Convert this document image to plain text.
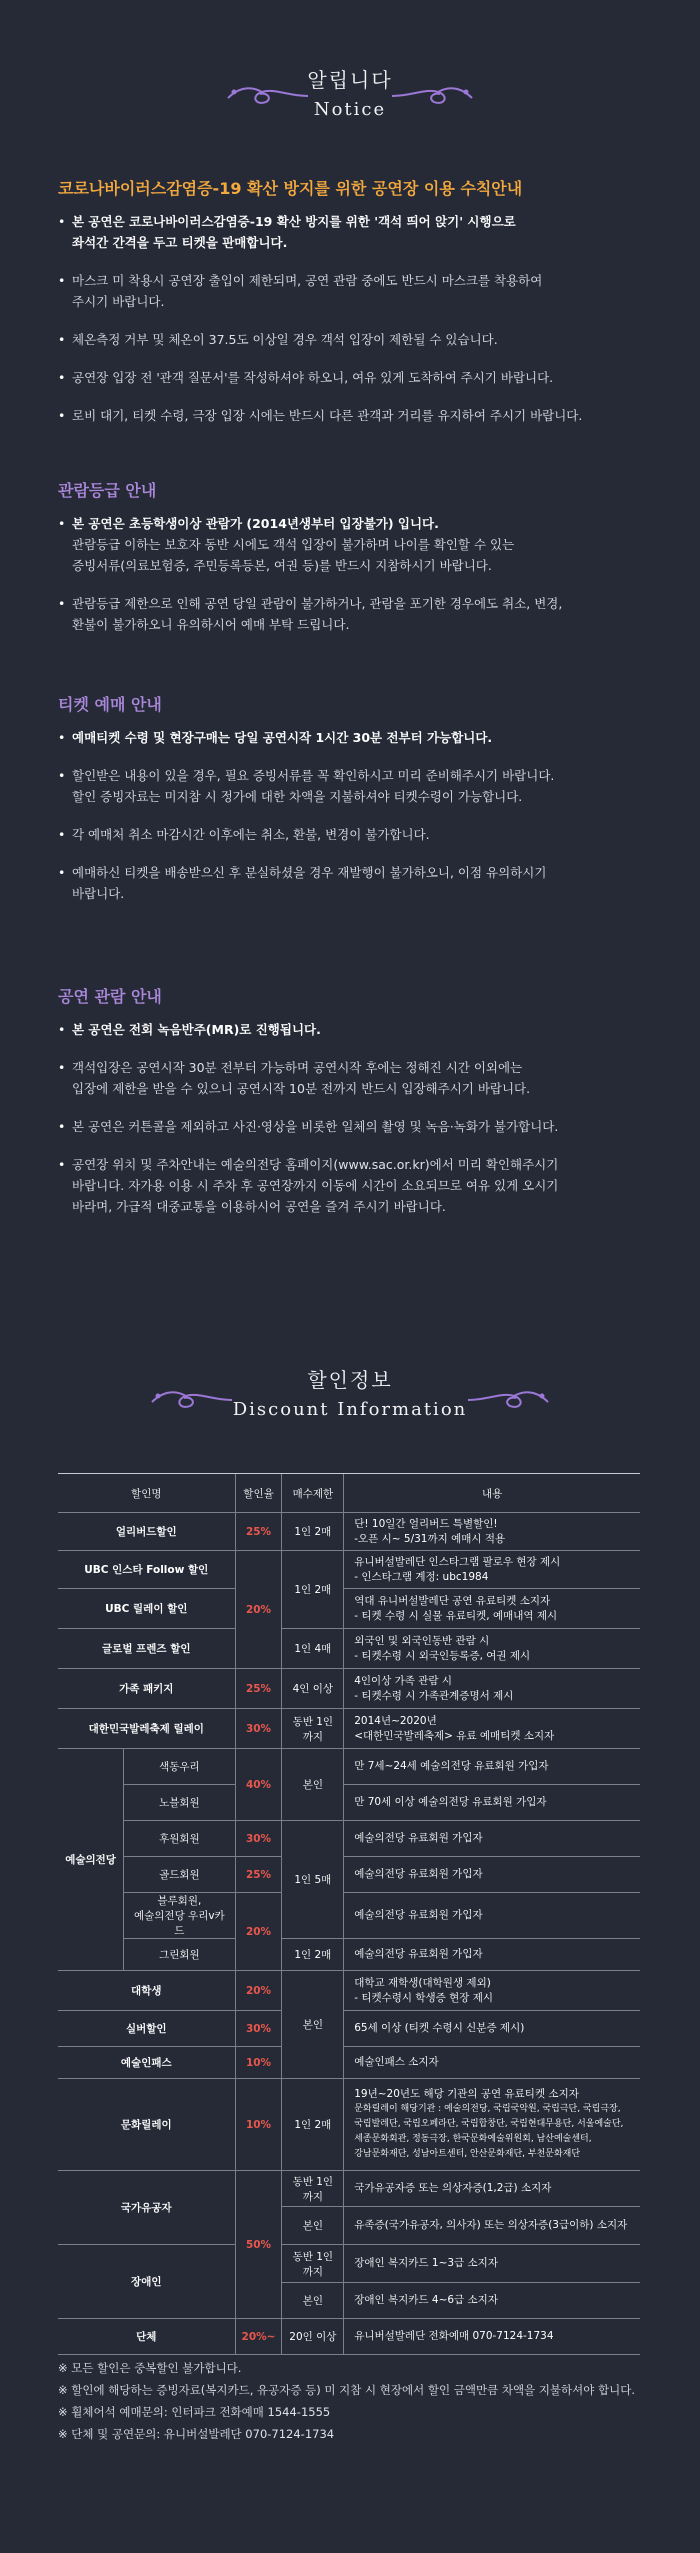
알립니다
Notice
코로나바이러스감염증-19 확산 방지를 위한 공연장 이용 수칙안내
• 본 공연은 코로나바이러스감염증-19 확산 방지를 위한 '객석 띄어 앉기' 시행으로
좌석간 간격을 두고 티켓을 판매합니다.
• 마스크 미 착용시 공연장 출입이 제한되며, 공연 관람 중에도 반드시 마스크를 착용하여
주시기 바랍니다.
• 체온측정 거부 및 체온이 37.5도 이상일 경우 객석 입장이 제한될 수 있습니다.
• 공연장 입장 전 '관객 질문서'를 작성하셔야 하오니, 여유 있게 도착하여 주시기 바랍니다.
• 로비 대기, 티켓 수령, 극장 입장 시에는 반드시 다른 관객과 거리를 유지하여 주시기 바랍니다.
관람등급 안내
• 본 공연은 초등학생이상 관람가 (2014년생부터 입장불가) 입니다.
관람등급 이하는 보호자 동반 시에도 객석 입장이 불가하며 나이를 확인할 수 있는
증빙서류(의료보험증, 주민등록등본, 여권 등)를 반드시 지참하시기 바랍니다.
• 관람등급 제한으로 인해 공연 당일 관람이 불가하거나, 관람을 포기한 경우에도 취소, 변경,
환불이 불가하오니 유의하시어 예매 부탁 드립니다.
티켓 예매 안내
• 예매티켓 수령 및 현장구매는 당일 공연시작 1시간 30분 전부터 가능합니다.
• 할인받은 내용이 있을 경우, 필요 증빙서류를 꼭 확인하시고 미리 준비해주시기 바랍니다.
할인 증빙자료는 미지참 시 정가에 대한 차액을 지불하셔야 티켓수령이 가능합니다.
• 각 예매처 취소 마감시간 이후에는 취소, 환불, 변경이 불가합니다.
• 예매하신 티켓을 배송받으신 후 분실하셨을 경우 재발행이 불가하오니, 이점 유의하시기
바랍니다.
공연 관람 안내
• 본 공연은 전회 녹음반주(MR)로 진행됩니다.
• 객석입장은 공연시작 30분 전부터 가능하며 공연시작 후에는 정해진 시간 이외에는
입장에 제한을 받을 수 있으니 공연시작 10분 전까지 반드시 입장해주시기 바랍니다.
• 본 공연은 커튼콜을 제외하고 사진·영상을 비롯한 일체의 촬영 및 녹음·녹화가 불가합니다.
• 공연장 위치 및 주차안내는 예술의전당 홈페이지(www.sac.or.kr)에서 미리 확인해주시기
바랍니다. 자가용 이용 시 주차 후 공연장까지 이동에 시간이 소요되므로 여유 있게 오시기
바라며, 가급적 대중교통을 이용하시어 공연을 즐겨 주시기 바랍니다.
할인정보
Discount Information
할인명		할인율	매수제한	내용
얼리버드할인		25%	1인 2매	단! 10일간 얼리버드 특별할인!
-오픈 시~ 5/31까지 예매시 적용

UBC 인스타 Follow 할인		20%	1인 2매	유니버설발레단 인스타그램 팔로우 현장 제시
- 인스타그램 계정: ubc1984

UBC 릴레이 할인				역대 유니버설발레단 공연 유료티켓 소지자
- 티켓 수령 시 실물 유료티켓, 예매내역 제시

글로벌 프렌즈 할인			1인 4매	외국인 및 외국인동반 관람 시
- 티켓수령 시 외국인등록증, 여권 제시

가족 패키지		25%	4인 이상	4인이상 가족 관람 시
- 티켓수령 시 가족관계증명서 제시

대한민국발레축제 릴레이		30%	동반 1인까지	2014년~2020년
<대한민국발레축제> 유료 예매티켓 소지자

예술의전당	색동우리	40%	본인	만 7세~24세 예술의전당 유료회원 가입자
	노블회원			만 70세 이상 예술의전당 유료회원 가입자
	후원회원	30%	1인 5매	예술의전당 유료회원 가입자
	골드회원	25%		예술의전당 유료회원 가입자

	블루회원,
예술의전당 우리v카드	20%		예술의전당 유료회원 가입자
	그린회원		1인 2매	예술의전당 유료회원 가입자
대학생		20%	본인	대학교 재학생(대학원생 제외)
- 티켓수령시 학생증 현장 제시

실버할인		30%		65세 이상 (티켓 수령시 신분증 제시)
예술인패스		10%		예술인패스 소지자
문화릴레이		10%	1인 2매	19년~20년도 해당 기관의 공연 유료티켓 소지자
문화릴레이 해당기관 : 예술의전당, 국립국악원, 국립극단, 국립극장,
국립발레단, 국립오페라단, 국립합창단, 국립현대무용단, 서울예술단,
세종문화회관, 정동극장, 한국문화예술위원회, 남산예술센터,
강남문화재단, 성남아트센터, 안산문화재단, 부천문화재단

국가유공자		50%	동반 1인까지	국가유공자증 또는 의상자증(1,2급) 소지자
			본인	유족증(국가유공자, 의사자) 또는 의상자증(3급이하) 소지자
장애인			동반 1인까지	장애인 복지카드 1~3급 소지자
			본인	장애인 복지카드 4~6급 소지자
단체		20%~	20인 이상	유니버설발레단 전화예매 070-7124-1734
※ 모든 할인은 중복할인 불가합니다.
※ 할인에 해당하는 증빙자료(복지카드, 유공자증 등) 미 지참 시 현장에서 할인 금액만큼 차액을 지불하셔야 합니다.
※ 휠체어석 예매문의: 인터파크 전화예매 1544-1555
※ 단체 및 공연문의: 유니버설발레단 070-7124-1734
